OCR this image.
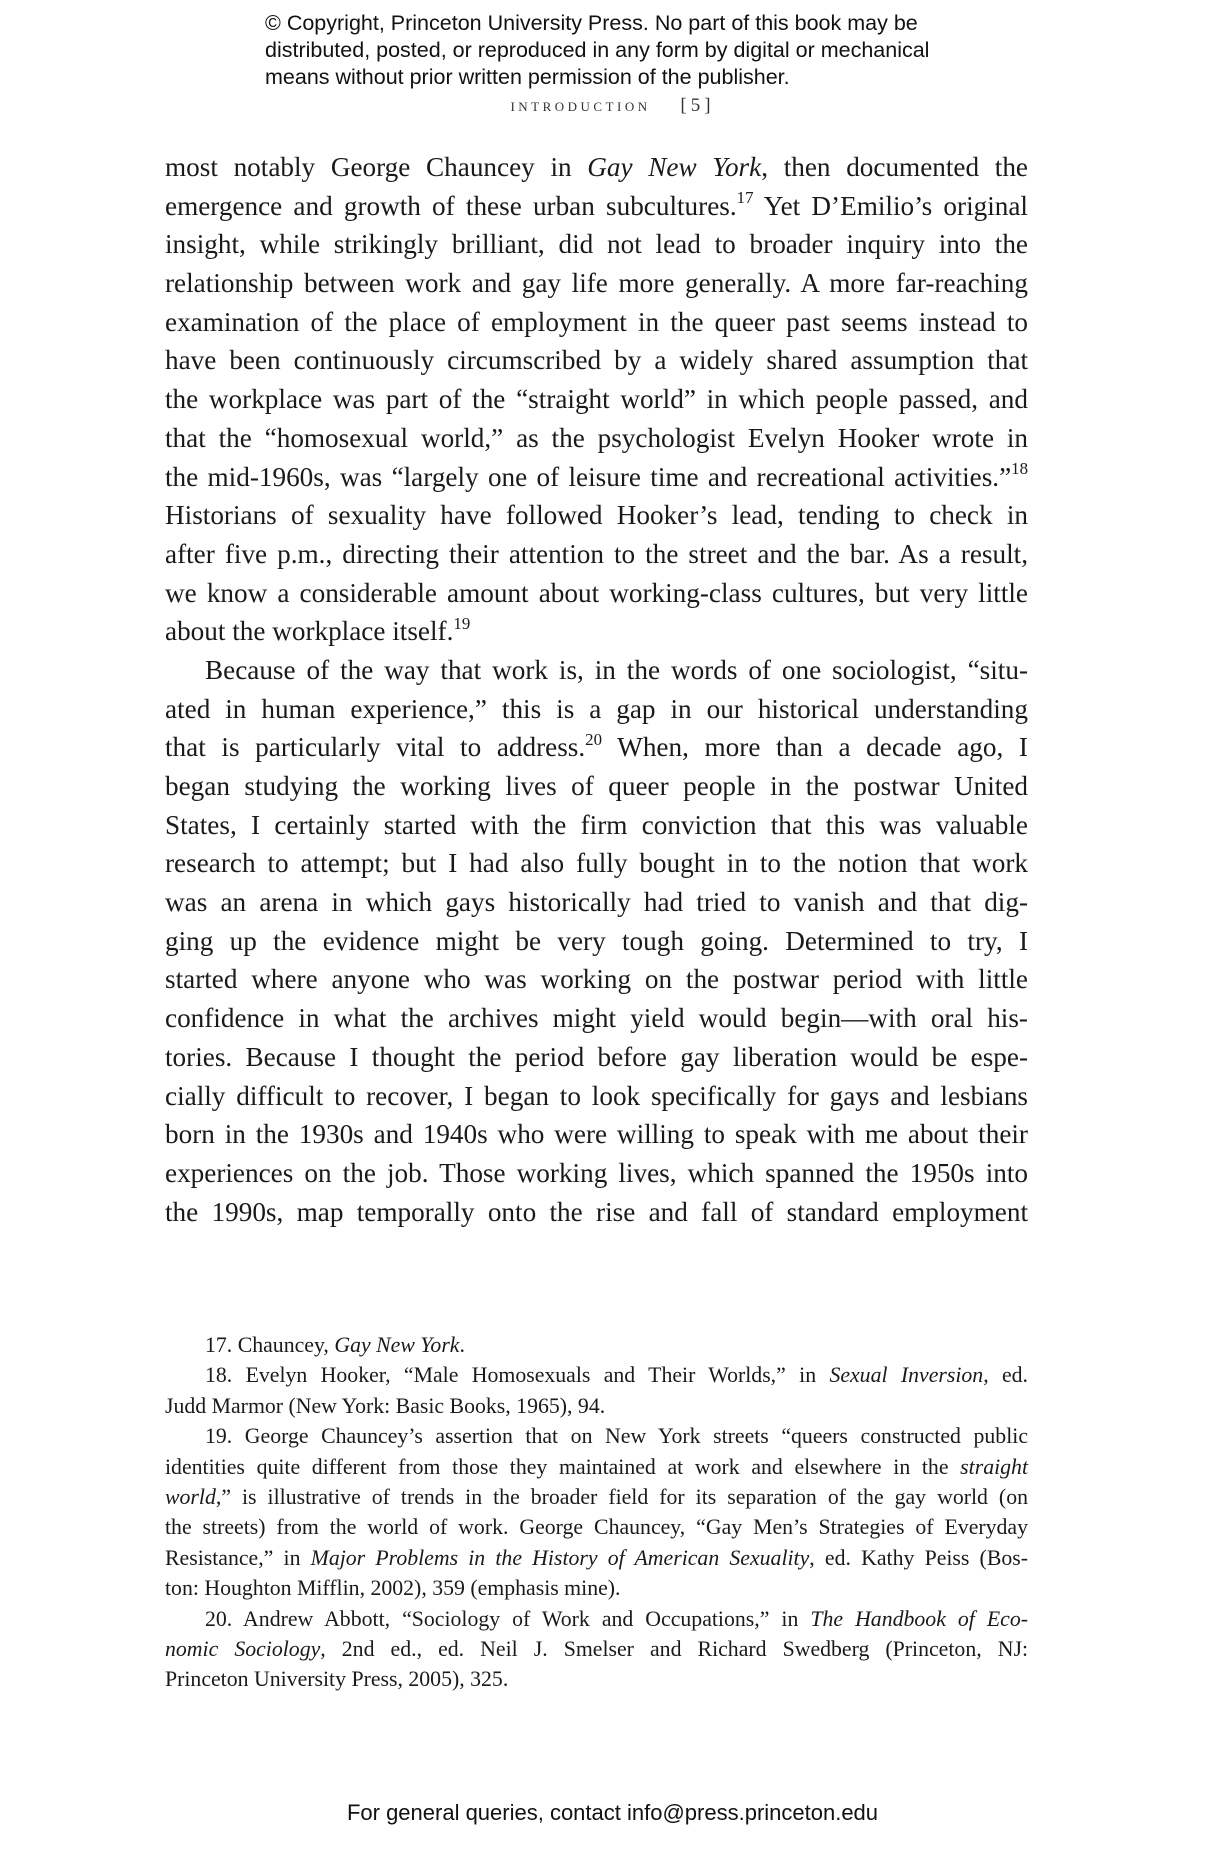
© Copyright, Princeton University Press. No part of this book may be
distributed, posted, or reproduced in any form by digital or mechanical
means without prior written permission of the publisher.
introduction [5]
most notably George Chauncey in Gay New York, then documented the
emergence and growth of these urban subcultures.$^{17}$ Yet D’Emilio’s original
insight, while strikingly brilliant, did not lead to broader inquiry into the
relationship between work and gay life more generally. A more far-reaching
examination of the place of employment in the queer past seems instead to
have been continuously circumscribed by a widely shared assumption that
the workplace was part of the “straight world” in which people passed, and
that the “homosexual world,” as the psychologist Evelyn Hooker wrote in
the mid-1960s, was “largely one of leisure time and recreational activities.”$^{18}$
Historians of sexuality have followed Hooker’s lead, tending to check in
after five p.m., directing their attention to the street and the bar. As a result,
we know a considerable amount about working-class cultures, but very little
about the workplace itself.$^{19}$
Because of the way that work is, in the words of one sociologist, “situ-
ated in human experience,” this is a gap in our historical understanding
that is particularly vital to address.$^{20}$ When, more than a decade ago, I
began studying the working lives of queer people in the postwar United
States, I certainly started with the firm conviction that this was valuable
research to attempt; but I had also fully bought in to the notion that work
was an arena in which gays historically had tried to vanish and that dig-
ging up the evidence might be very tough going. Determined to try, I
started where anyone who was working on the postwar period with little
confidence in what the archives might yield would begin—with oral his-
tories. Because I thought the period before gay liberation would be espe-
cially difficult to recover, I began to look specifically for gays and lesbians
born in the 1930s and 1940s who were willing to speak with me about their
experiences on the job. Those working lives, which spanned the 1950s into
the 1990s, map temporally onto the rise and fall of standard employment
17. Chauncey, Gay New York.
18. Evelyn Hooker, “Male Homosexuals and Their Worlds,” in Sexual Inversion, ed.
Judd Marmor (New York: Basic Books, 1965), 94.
19. George Chauncey’s assertion that on New York streets “queers constructed public
identities quite different from those they maintained at work and elsewhere in the straight
world,” is illustrative of trends in the broader field for its separation of the gay world (on
the streets) from the world of work. George Chauncey, “Gay Men’s Strategies of Everyday
Resistance,” in Major Problems in the History of American Sexuality, ed. Kathy Peiss (Bos-
ton: Houghton Mifflin, 2002), 359 (emphasis mine).
20. Andrew Abbott, “Sociology of Work and Occupations,” in The Handbook of Eco-
nomic Sociology, 2nd ed., ed. Neil J. Smelser and Richard Swedberg (Princeton, NJ:
Princeton University Press, 2005), 325.
For general queries, contact info@press.princeton.edu
